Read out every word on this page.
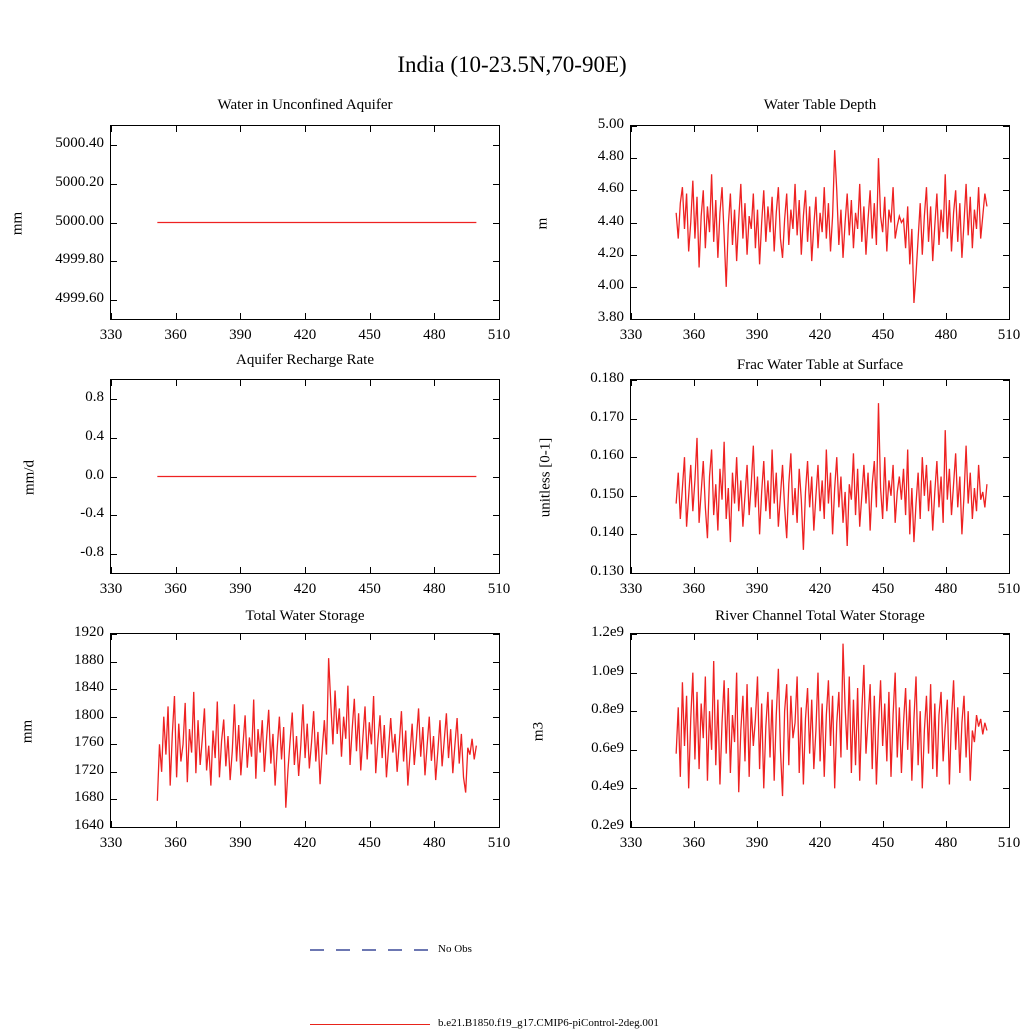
India (10-23.5N,70-90E)
Water in Unconfined Aquifer
mm
4999.60
4999.80
5000.00
5000.20
5000.40
330	360	390	420	450	480	510
Water Table Depth
m
3.80
4.00
4.20
4.40
4.60
4.80
5.00
330	360	390	420	450	480	510
Aquifer Recharge Rate
mm/d
-0.8
-0.4
0.0
0.4
0.8
330	360	390	420	450	480	510
Frac Water Table at Surface
unitless [0-1]
0.130
0.140
0.150
0.160
0.170
0.180
330	360	390	420	450	480	510
Total Water Storage
mm
1640
1680
1720
1760
1800
1840
1880
1920
330	360	390	420	450	480	510
River Channel Total Water Storage
m3
0.2e9
0.4e9
0.6e9
0.8e9
1.0e9
1.2e9
330	360	390	420	450	480	510
No Obs
b.e21.B1850.f19_g17.CMIP6-piControl-2deg.001
